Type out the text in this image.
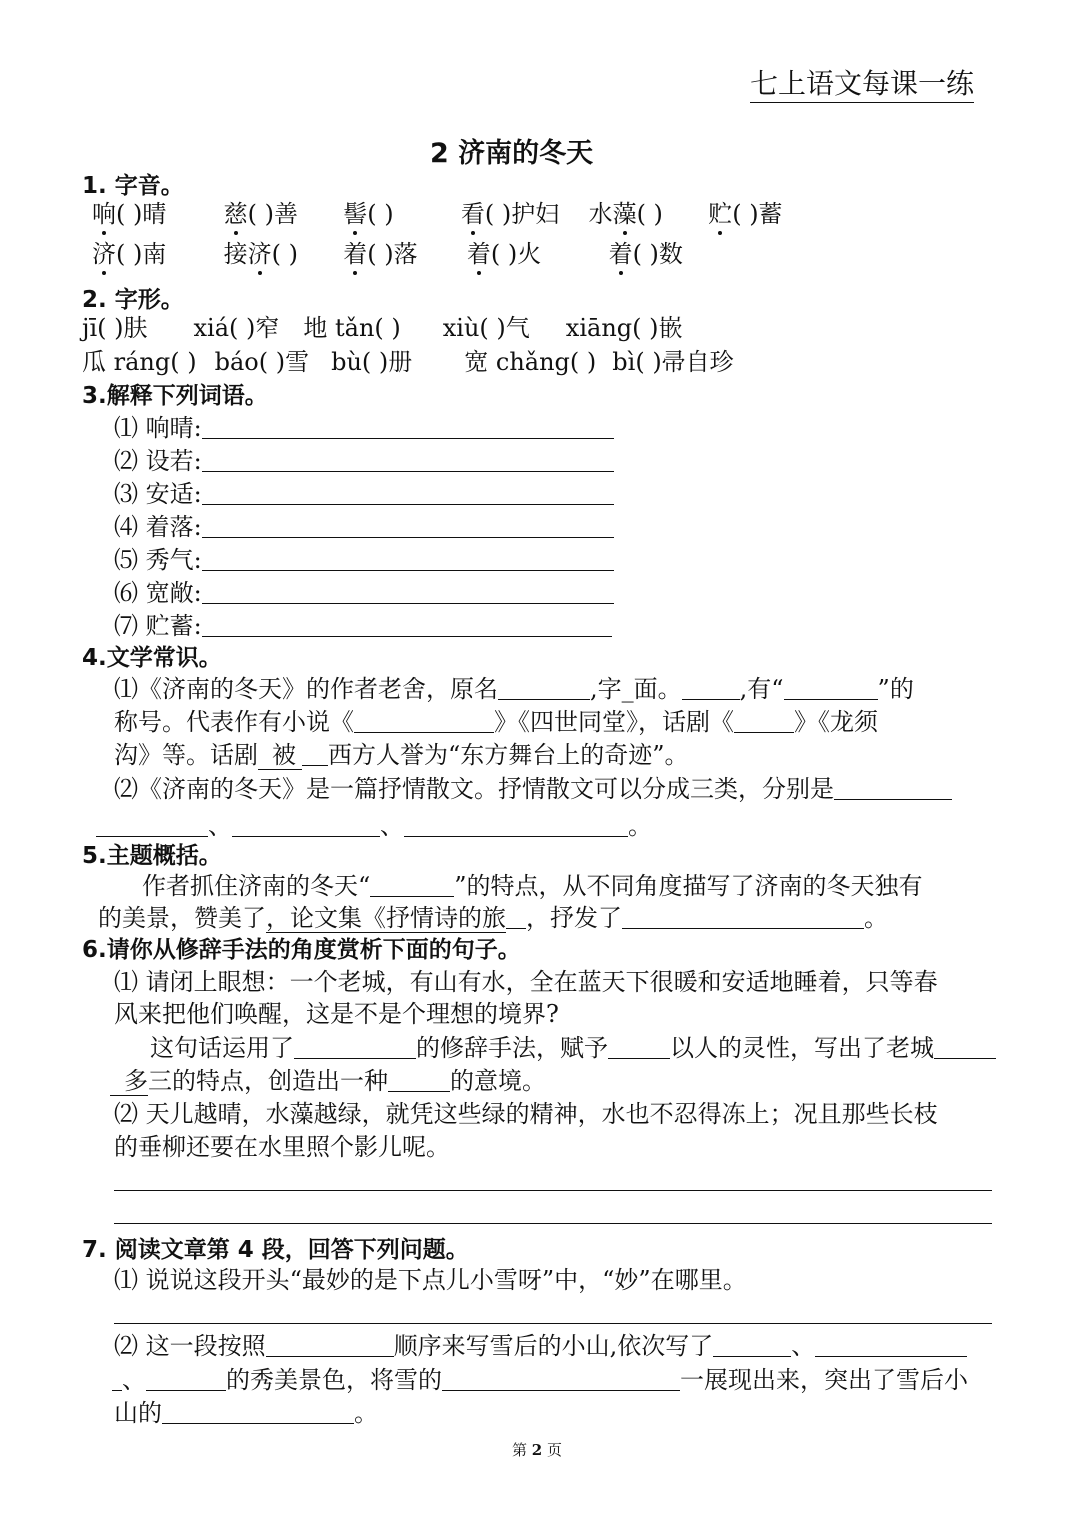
七上语文每课一练
2 济南的冬天
1. 字音。
响( )晴 慈( )善 髻( )	看( )护妇 水藻( ) 贮( )蓄
济( )南 接济( ) 着( )落 着( )火	着( )数
2. 字形。
jī( )肤 xiá( )窄 地 tǎn( ) xiù( )气 xiāng( )嵌
瓜 ráng( ) báo( )雪 bù( )册 宽 chǎng( ) bì( )帚自珍
3.解释下列词语。
⑴ 响晴:
⑵ 设若:
⑶ 安适:
⑷ 着落:
⑸ 秀气:
⑹ 宽敞:
⑺ 贮蓄:
4.文学常识。
⑴《济南的冬天》的作者老舍，原名	,字_面。 ,有“	”的
称号。代表作有小说《	》《四世同堂》，话剧《	》《龙须
沟》等。话剧 被 西方人誉为“东方舞台上的奇迹”。
⑵《济南的冬天》是一篇抒情散文。抒情散文可以分成三类，分别是
、	、	。
5.主题概括。
作者抓住济南的冬天“	”的特点，从不同角度描写了济南的冬天独有
的美景，赞美了，论文集《抒情诗的旅 ，抒发了	。
6.请你从修辞手法的角度赏析下面的句子。
⑴ 请闭上眼想：一个老城，有山有水，全在蓝天下很暖和安适地睡着，只等春
风来把他们唤醒，这是不是个理想的境界?
这句话运用了	的修辞手法，赋予	以人的灵性，写出了老城
多三的特点，创造出一种	的意境。
⑵ 天儿越晴，水藻越绿，就凭这些绿的精神，水也不忍得冻上；况且那些长枝
的垂柳还要在水里照个影儿呢。
7. 阅读文章第 4 段，回答下列问题。
⑴ 说说这段开头“最妙的是下点儿小雪呀”中，“妙”在哪里。
⑵ 这一段按照	顺序来写雪后的小山,依次写了	、
、	的秀美景色，将雪的	一展现出来，突出了雪后小
山的	。
第 2 页
